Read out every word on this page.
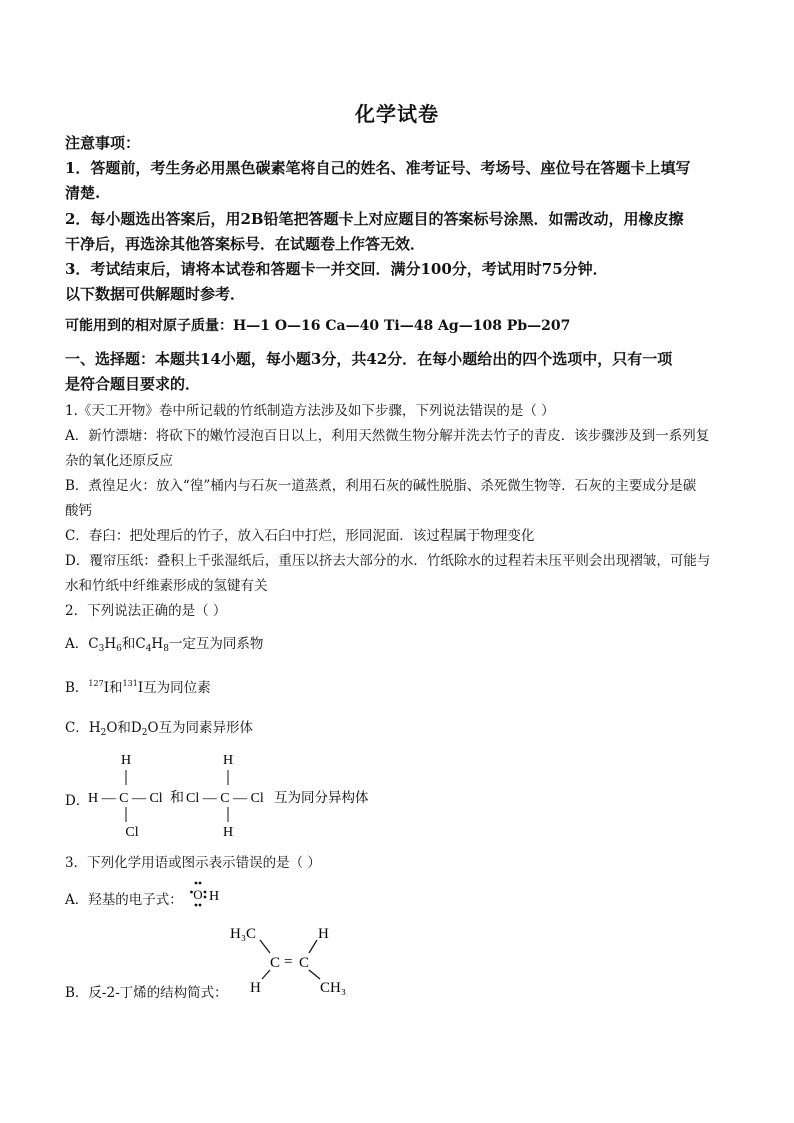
化学试卷
注意事项：
1．答题前，考生务必用黑色碳素笔将自己的姓名、准考证号、考场号、座位号在答题卡上填写
清楚.
2．每小题选出答案后，用2B铅笔把答题卡上对应题目的答案标号涂黑．如需改动，用橡皮擦
干净后，再选涂其他答案标号．在试题卷上作答无效．
3．考试结束后，请将本试卷和答题卡一并交回．满分100分，考试用时75分钟．
以下数据可供解题时参考．
可能用到的相对原子质量：H—1 O—16 Ca—40 Ti—48 Ag—108 Pb—207
一、选择题：本题共14小题，每小题3分，共42分．在每小题给出的四个选项中，只有一项
是符合题目要求的．
1.《天工开物》卷中所记载的竹纸制造方法涉及如下步骤，下列说法错误的是（ ）
A．新竹漂塘：将砍下的嫩竹浸泡百日以上，利用天然微生物分解并洗去竹子的青皮．该步骤涉及到一系列复
杂的氧化还原反应
B．煮徨足火：放入“徨”桶内与石灰一道蒸煮，利用石灰的碱性脱脂、杀死微生物等．石灰的主要成分是碳
酸钙
C．春臼：把处理后的竹子，放入石臼中打烂，形同泥面．该过程属于物理变化
D．覆帘压纸：叠积上千张湿纸后，重压以挤去大部分的水．竹纸除水的过程若未压平则会出现褶皱，可能与
水和竹纸中纤维素形成的氢键有关
2．下列说法正确的是（ ）
A．$C_3H_6$和$C_4H_8$一定互为同系物
B．$^{127}$I和$^{131}$I互为同位素
C．$H_2O$和$D_2O$互为同素异形体
D．
H
H — C — Cl
Cl
和
H
Cl — C — Cl
H
互为同分异构体
3．下列化学用语或图示表示错误的是（ ）
A．羟基的电子式： O H
B．反-2-丁烯的结构简式：
H₃C	H
C = C
H	CH₃
